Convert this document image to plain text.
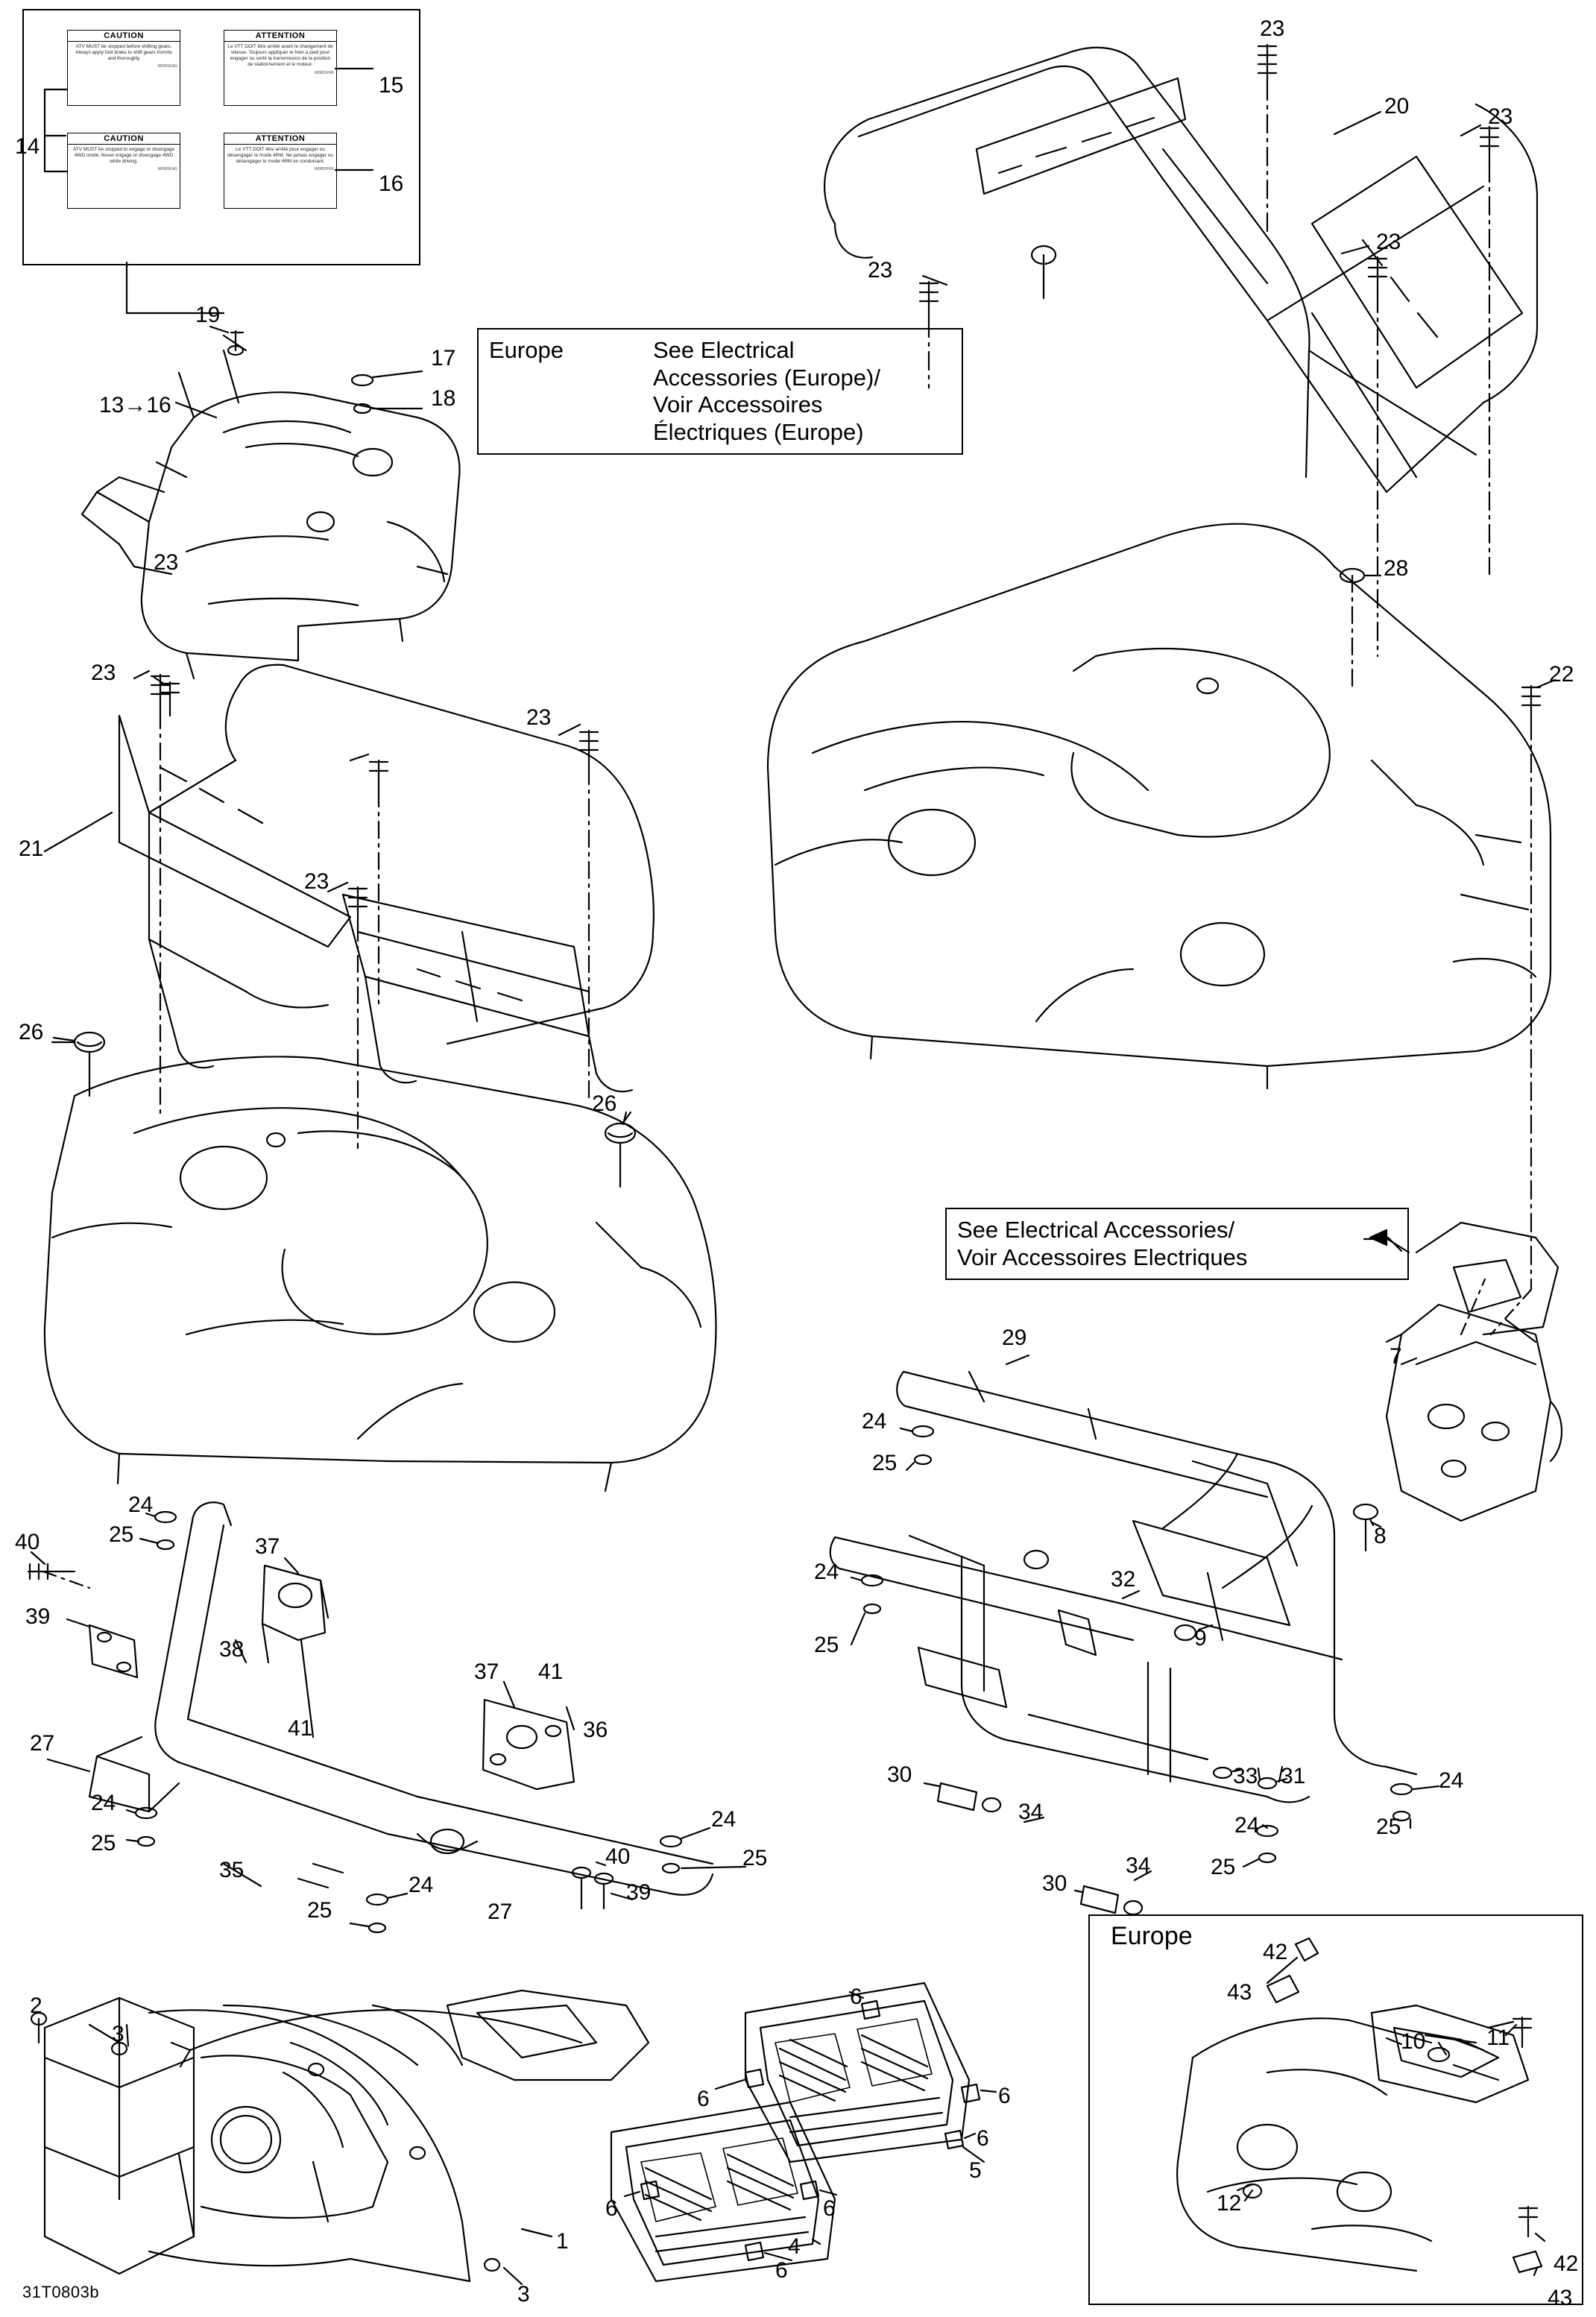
CAUTION
ATV MUST be stopped before shifting gears. Always apply foot brake to shift gears from/to and thoroughly
W0001ENG
ATTENTION
Le VTT DOIT être arrêté avant le changement de vitesse. Toujours appliquer le frein à pied pour engager ou sortir la transmission de la position de stationnement et le moteur.
W0001FRE
CAUTION
ATV MUST be stopped to engage or disengage 4WD mode. Never engage or disengage 4WD while driving.
W0002ENG
ATTENTION
Le VTT DOIT être arrêté pour engager ou désengager le mode 4RM. Ne jamais engager ou désengager le mode 4RM en conduisant.
W0002FRE
Europe	See Electrical
Accessories (Europe)/
Voir Accessoires
Électriques (Europe)
See Electrical Accessories/
Voir Accessoires Electriques
Europe
31T0803b
1
2
3
3
4
5
6
6	6
6
6
6
6
7
8
9
10	11
12
13→16
14
15
16
17
18
19
20
21
22
23
23
23
23
23
23
23
23
24
24
24
24
24
24
24
24
25
25
25
25
25
25
25
25
26
26
27
27
28
29
30
30
31
32
33
34
34
35
36
37
37
38
39
39
40
40
41
41
42
42
43
43
